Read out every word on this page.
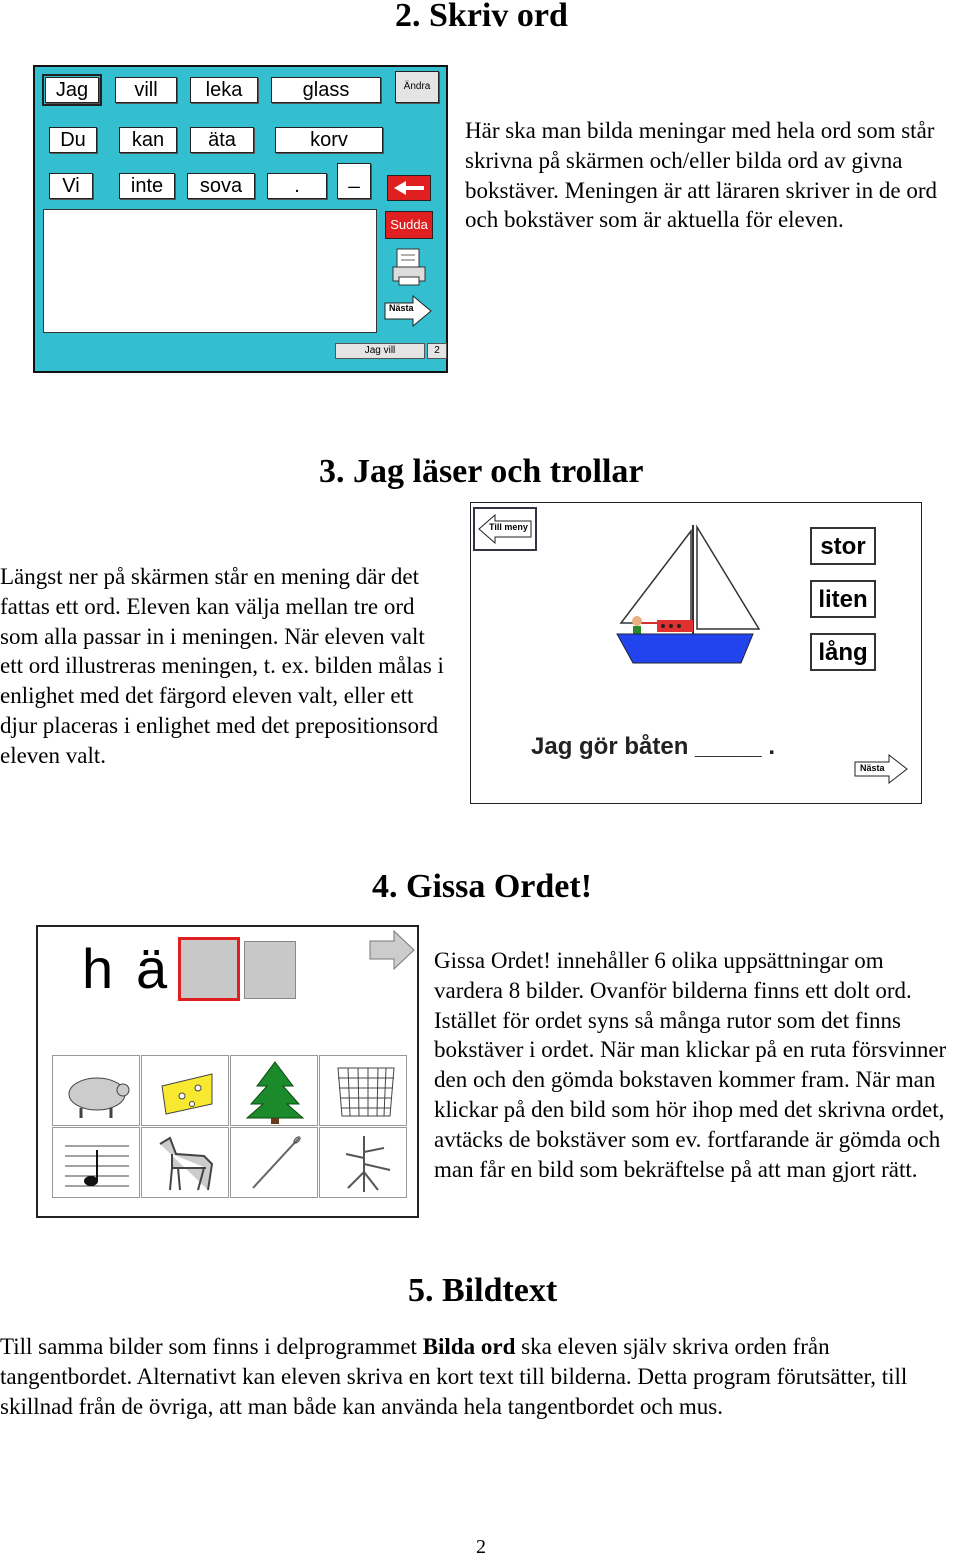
2. Skriv ord
Jag	vill	leka	glass	Ändra
Du	kan	äta	korv
Vi	inte	sova	.	_
Sudda
Nästa
Jag vill	2
Här ska man bilda meningar med hela ord som står skrivna på skärmen och/eller bilda ord av givna bokstäver. Meningen är att läraren skriver in de ord och bokstäver som är aktuella för eleven.
3. Jag läser och trollar
Längst ner på skärmen står en mening där det fattas ett ord. Eleven kan välja mellan tre ord som alla passar in i meningen. När eleven valt ett ord illustreras meningen, t. ex. bilden målas i enlighet med det färgord eleven valt, eller ett djur placeras i enlighet med det prepositionsord eleven valt.
Till meny
stor
liten
lång
Jag gör båten _____ .
Nästa
4. Gissa Ordet!
h ä	Gissa Ordet! innehåller 6 olika uppsättningar om vardera 8 bilder. Ovanför bilderna finns ett dolt ord. Istället för ordet syns så många rutor som det finns bokstäver i ordet. När man klickar på en ruta försvinner den och den gömda bokstaven kommer fram. När man klickar på den bild som hör ihop med det skrivna ordet, avtäcks de bokstäver som ev. fortfarande är gömda och man får en bild som bekräftelse på att man gjort rätt.
5. Bildtext
Till samma bilder som finns i delprogrammet Bilda ord ska eleven själv skriva orden från tangentbordet. Alternativt kan eleven skriva en kort text till bilderna. Detta program förutsätter, till skillnad från de övriga, att man både kan använda hela tangentbordet och mus.
2
